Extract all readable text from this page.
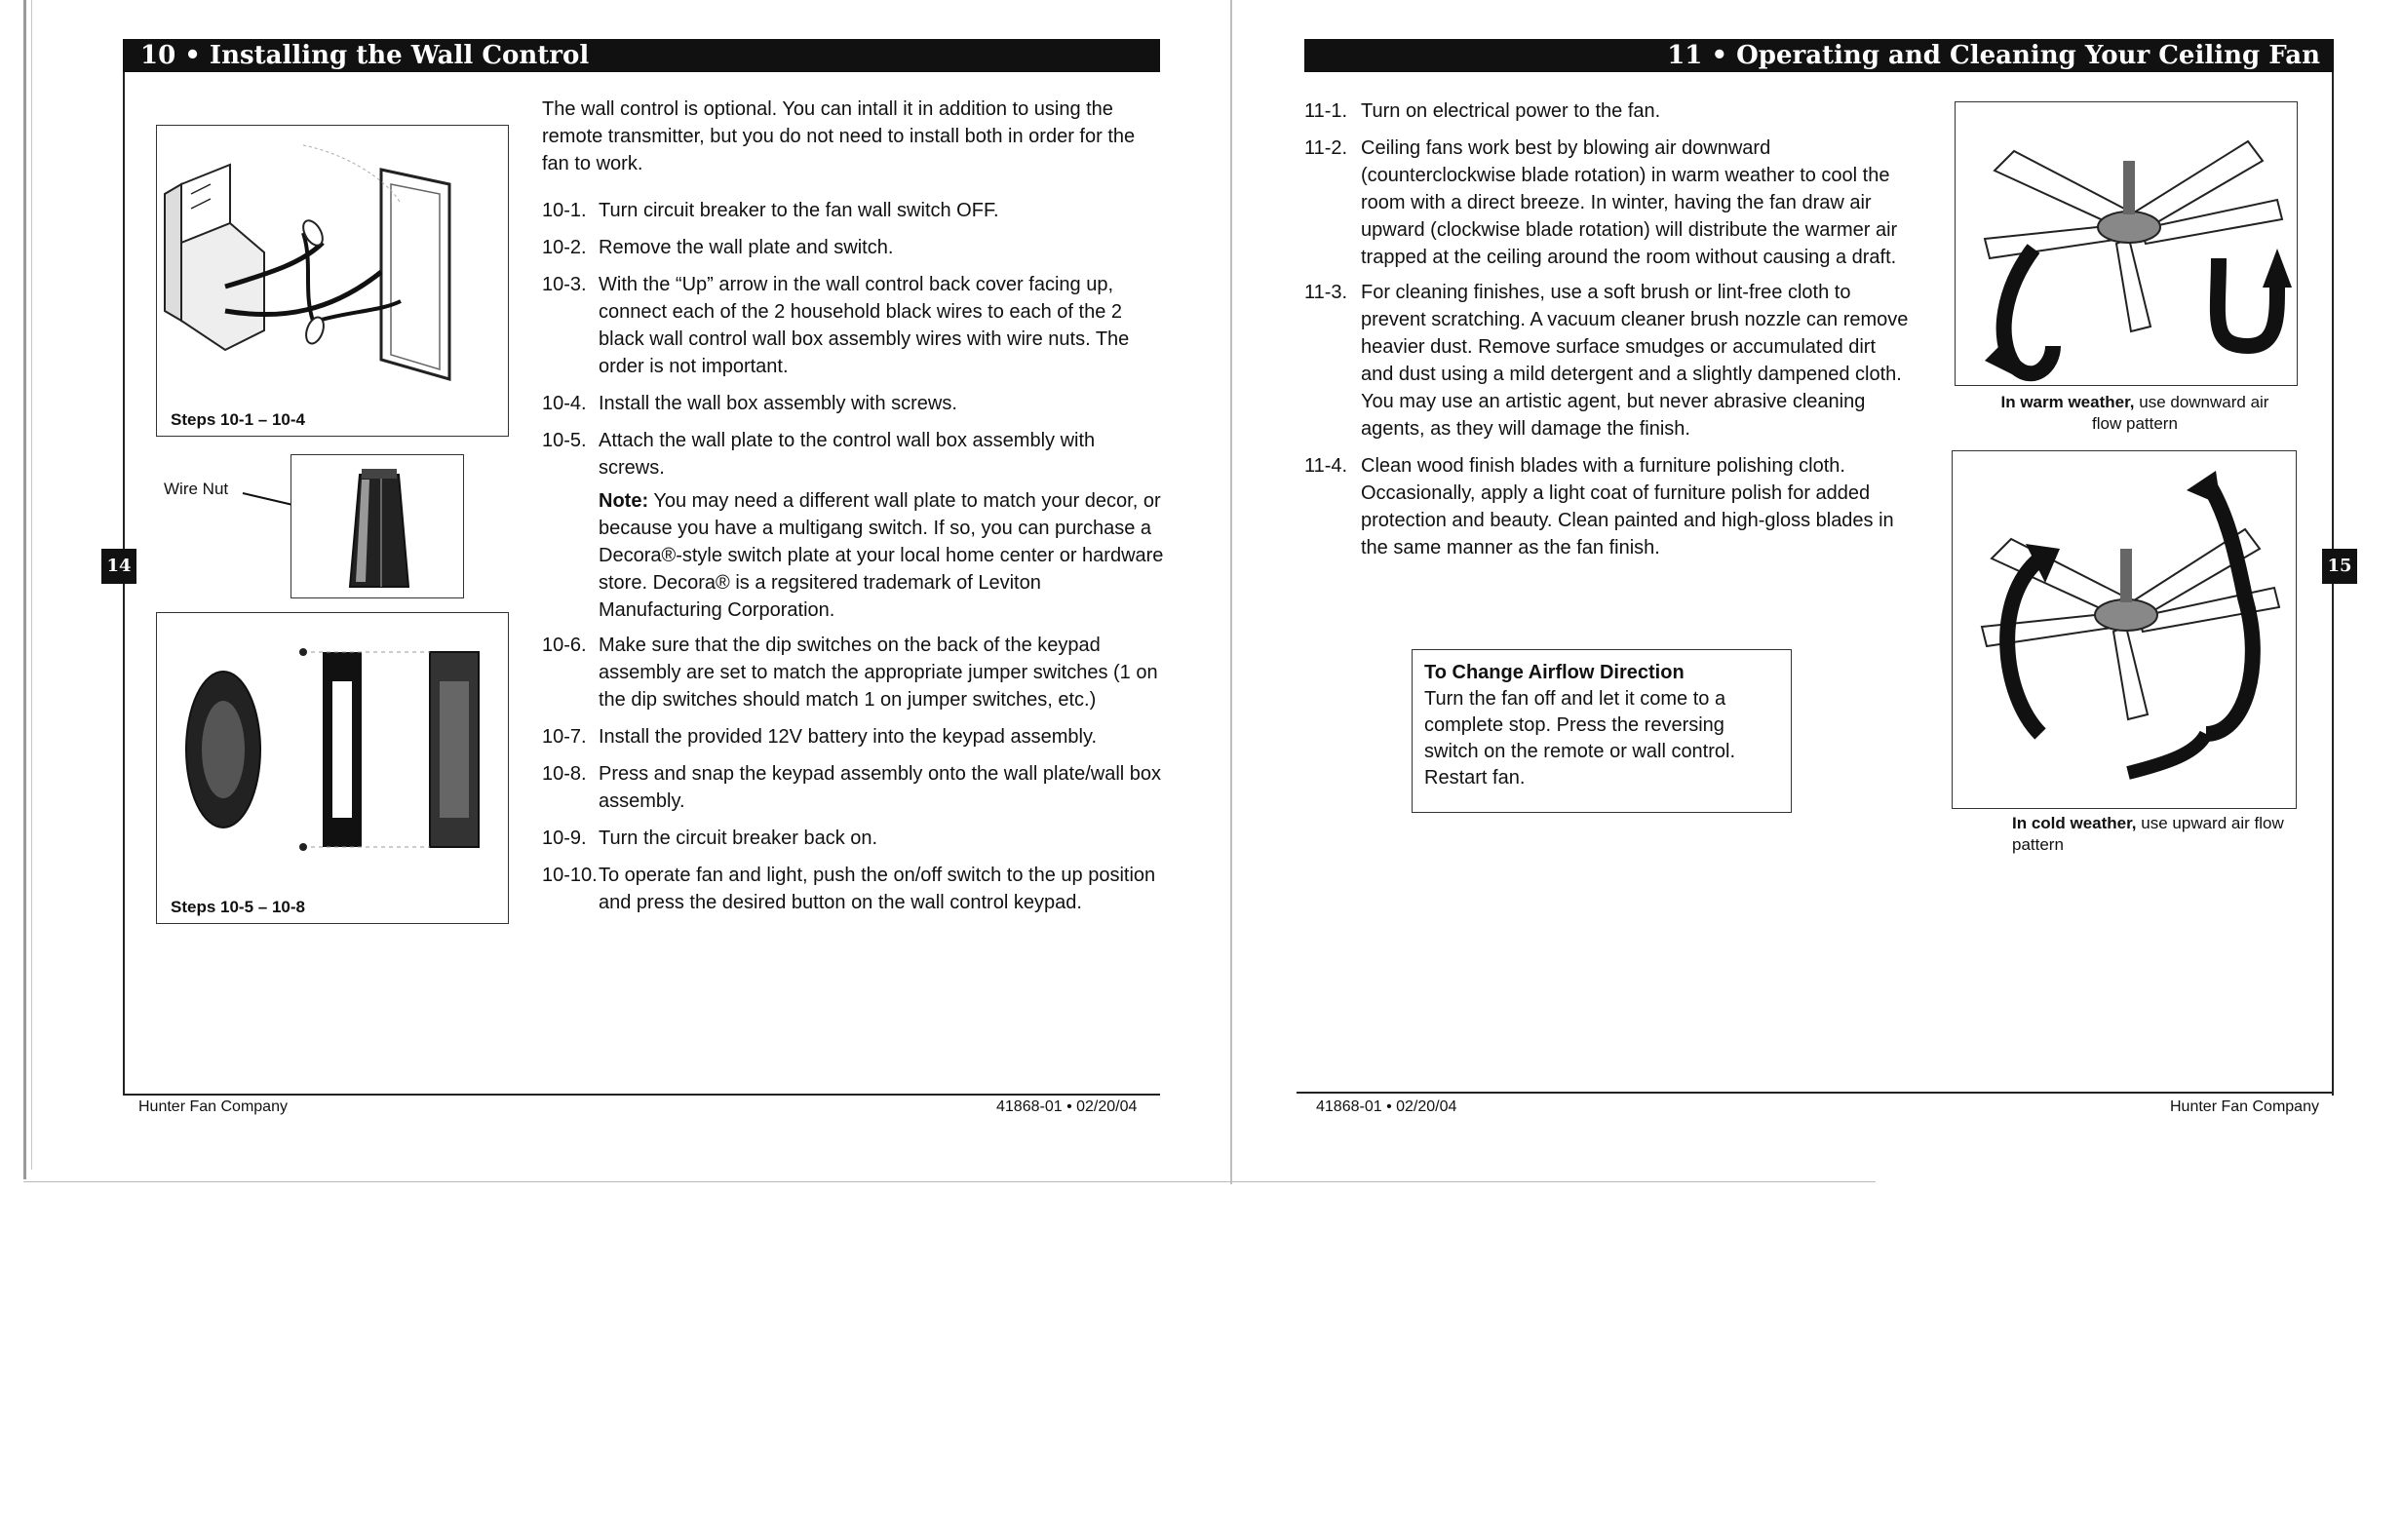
10 • Installing the Wall Control
Steps 10-1 – 10-4
Wire Nut
Steps 10-5 – 10-8
14
The wall control is optional. You can intall it in addition to using the remote transmitter, but you do not need to install both in order for the fan to work.
10-1. Turn circuit breaker to the fan wall switch OFF.
10-2. Remove the wall plate and switch.
10-3. With the “Up” arrow in the wall control back cover facing up, connect each of the 2 household black wires to each of the 2 black wall control wall box assembly wires with wire nuts. The order is not important.
10-4. Install the wall box assembly with screws.
10-5. Attach the wall plate to the control wall box assembly with screws.
Note: You may need a different wall plate to match your decor, or because you have a multigang switch. If so, you can purchase a Decora®-style switch plate at your local home center or hardware store. Decora® is a regsitered trademark of Leviton Manufacturing Corporation.
10-6. Make sure that the dip switches on the back of the keypad assembly are set to match the appropriate jumper switches (1 on the dip switches should match 1 on jumper switches, etc.)
10-7. Install the provided 12V battery into the keypad assembly.
10-8. Press and snap the keypad assembly onto the wall plate/wall box assembly.
10-9. Turn the circuit breaker back on.
10-10. To operate fan and light, push the on/off switch to the up position and press the desired button on the wall control keypad.
Hunter Fan Company	41868-01 • 02/20/04
11 • Operating and Cleaning Your Ceiling Fan
11-1. Turn on electrical power to the fan.
11-2. Ceiling fans work best by blowing air downward (counterclockwise blade rotation) in warm weather to cool the room with a direct breeze. In winter, having the fan draw air upward (clockwise blade rotation) will distribute the warmer air trapped at the ceiling around the room without causing a draft.
11-3. For cleaning finishes, use a soft brush or lint-free cloth to prevent scratching. A vacuum cleaner brush nozzle can remove heavier dust. Remove surface smudges or accumulated dirt and dust using a mild detergent and a slightly dampened cloth. You may use an artistic agent, but never abrasive cleaning agents, as they will damage the finish.
11-4. Clean wood finish blades with a furniture polishing cloth. Occasionally, apply a light coat of furniture polish for added protection and beauty. Clean painted and high-gloss blades in the same manner as the fan finish.
To Change Airflow Direction
Turn the fan off and let it come to a complete stop. Press the reversing switch on the remote or wall control. Restart fan.
In warm weather, use downward air flow pattern
In cold weather, use upward air flow pattern
15
41868-01 • 02/20/04	Hunter Fan Company
